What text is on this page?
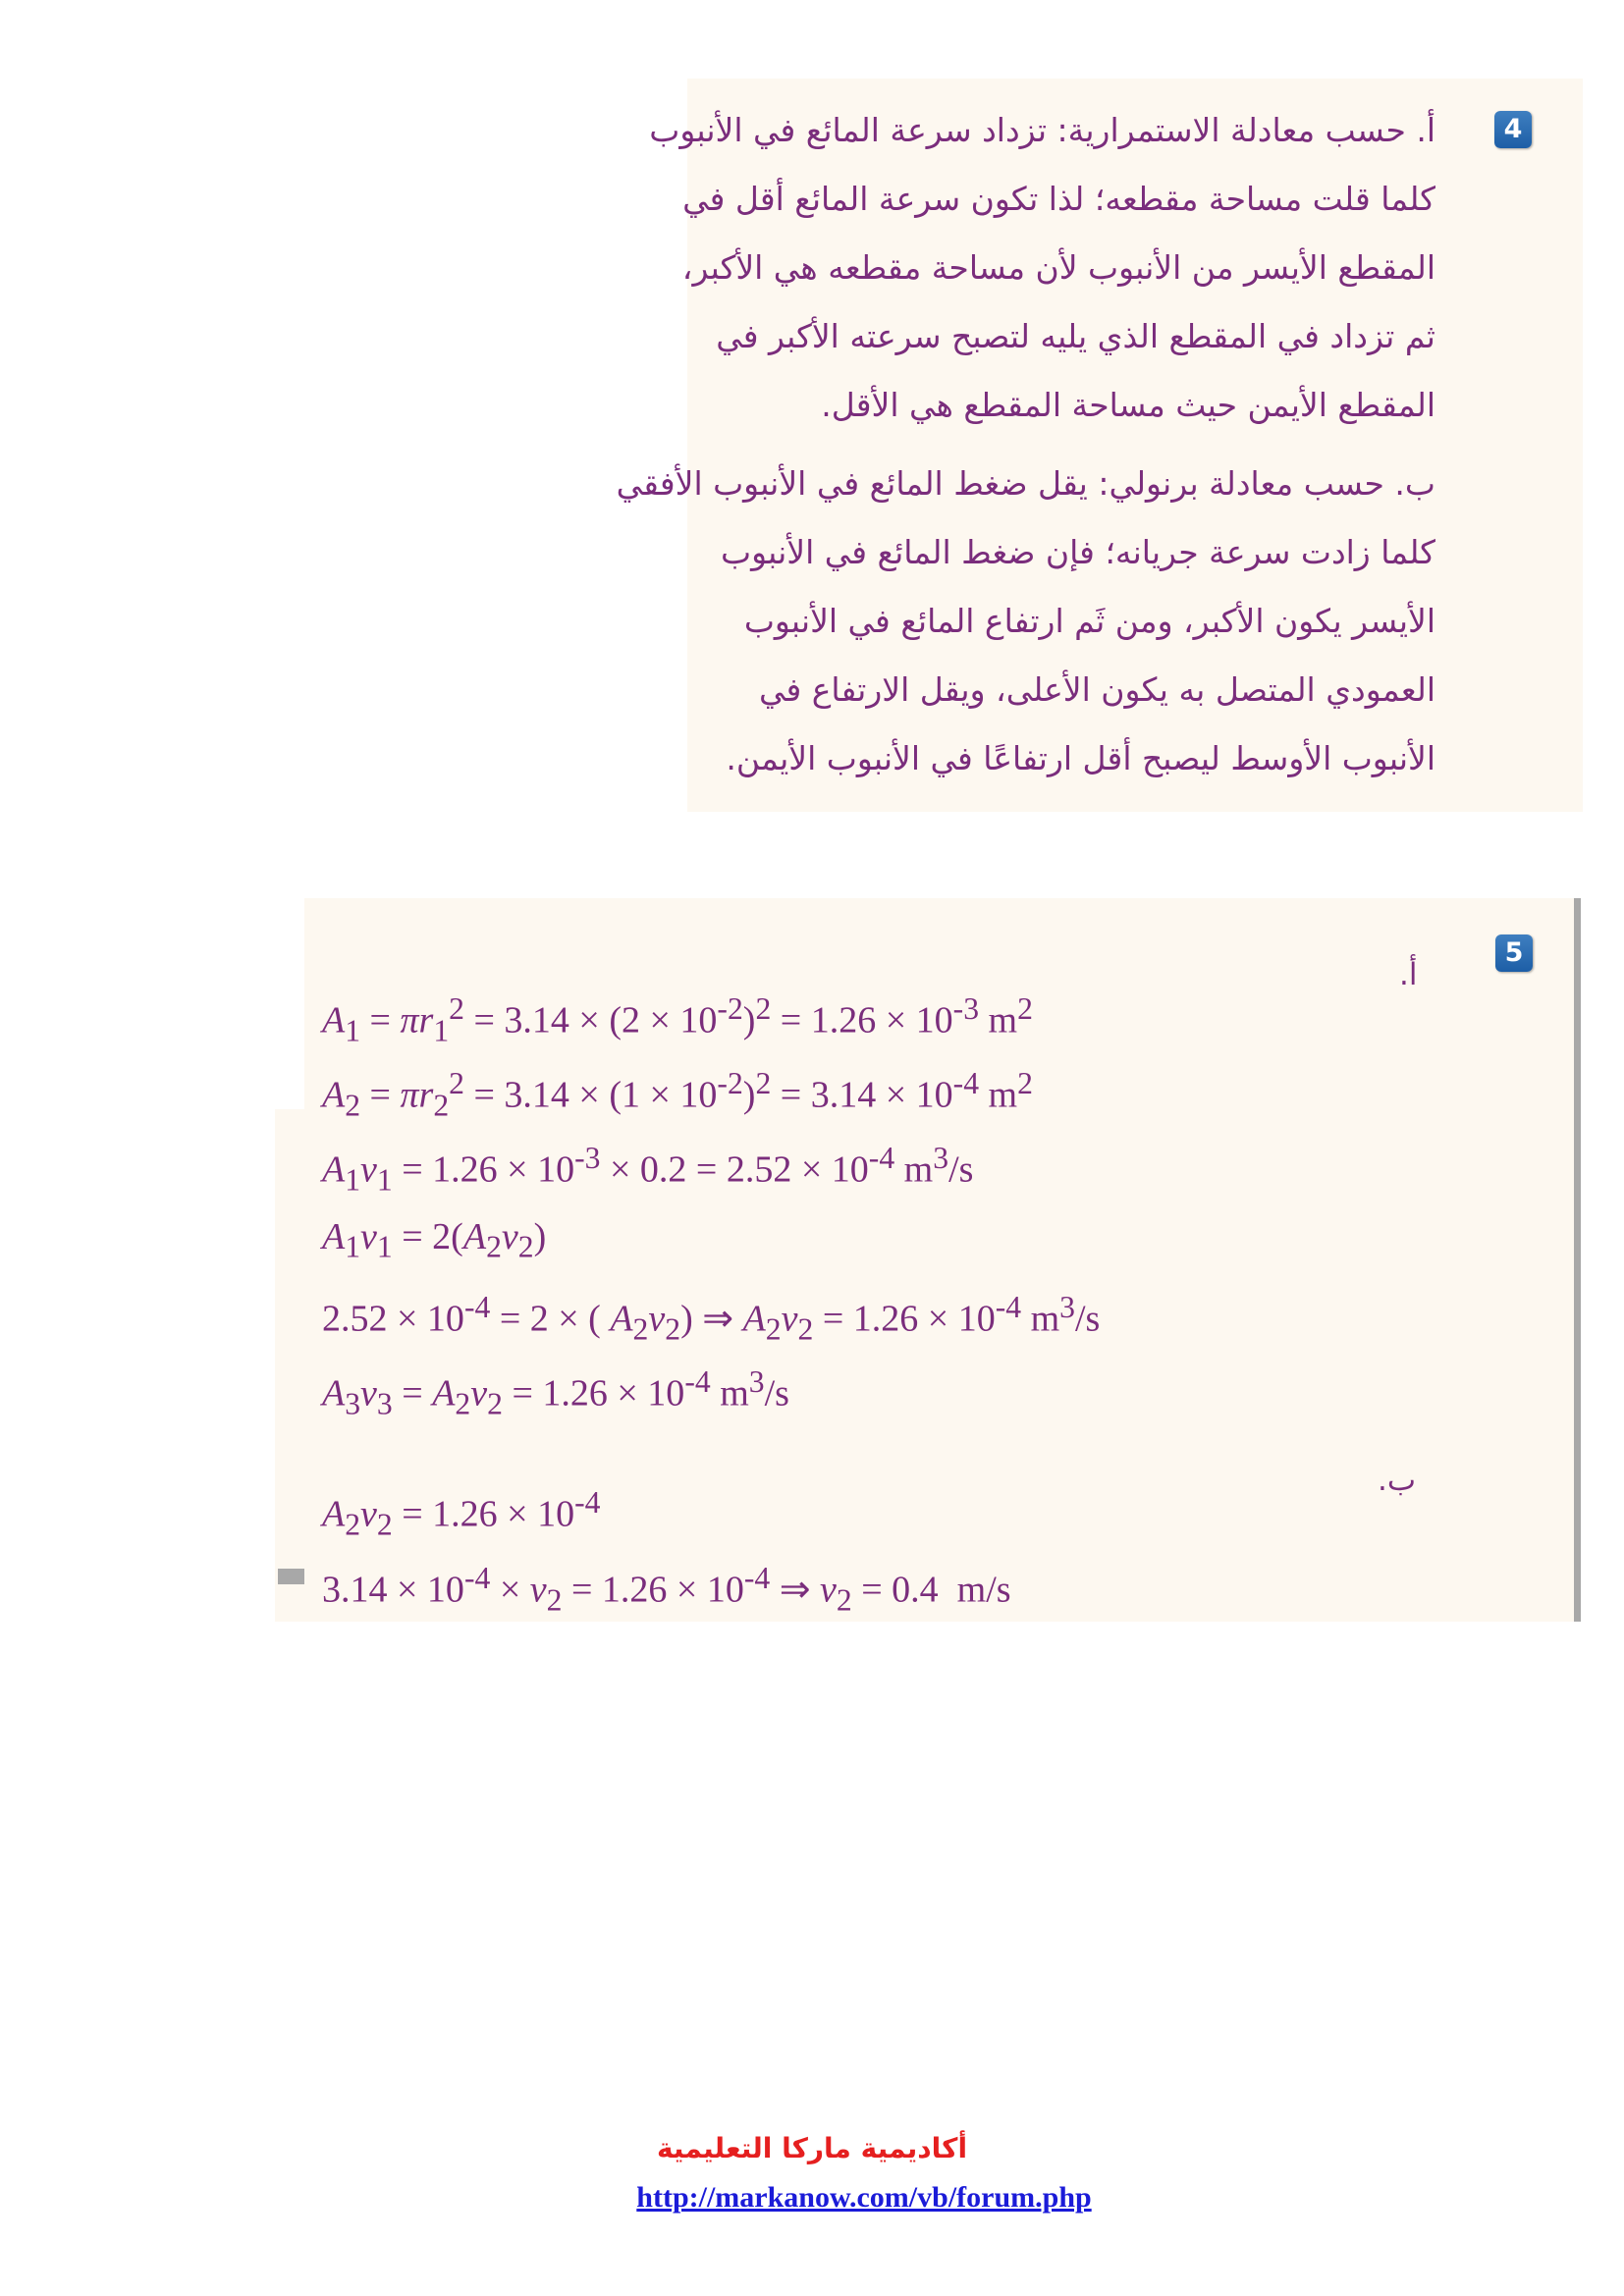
4
أ. حسب معادلة الاستمرارية: تزداد سرعة المائع في الأنبوب
كلما قلت مساحة مقطعه؛ لذا تكون سرعة المائع أقل في
المقطع الأيسر من الأنبوب لأن مساحة مقطعه هي الأكبر،
ثم تزداد في المقطع الذي يليه لتصبح سرعته الأكبر في
المقطع الأيمن حيث مساحة المقطع هي الأقل.
ب. حسب معادلة برنولي: يقل ضغط المائع في الأنبوب الأفقي
كلما زادت سرعة جريانه؛ فإن ضغط المائع في الأنبوب
الأيسر يكون الأكبر، ومن ثَم ارتفاع المائع في الأنبوب
العمودي المتصل به يكون الأعلى، ويقل الارتفاع في
الأنبوب الأوسط ليصبح أقل ارتفاعًا في الأنبوب الأيمن.
5
أ.
ب.
$A_1 = \pi r_1^2 = 3.14 \times (2 \times 10^{-2})^2 = 1.26 \times 10^{-3}$ $m^2$
$A_2 = \pi r_2^2 = 3.14 \times (1 \times 10^{-2})^2 = 3.14 \times 10^{-4}$ $m^2$
$A_1v_1 = 1.26 \times 10^{-3} \times 0.2 = 2.52 \times 10^{-4}$ $m^3/s$
$A_1v_1 = 2(A_2v_2)$
$2.52 \times 10^{-4} = 2$ × ( $A_2v_2$) ⇒ $A_2v_2 = 1.26 \times 10^{-4}$ $m^3/s$
$A_3v_3 = A_2v_2 = 1.26 \times 10^{-4}$ $m^3/s$
$A_2v_2 = 1.26 \times 10^{-4}$
$3.14 \times 10^{-4} \times v_2 = 1.26 \times 10^{-4}$ ⇒ $v_2 = 0.4$  m/s
أكاديمية ماركا التعليمية
http://markanow.com/vb/forum.php
